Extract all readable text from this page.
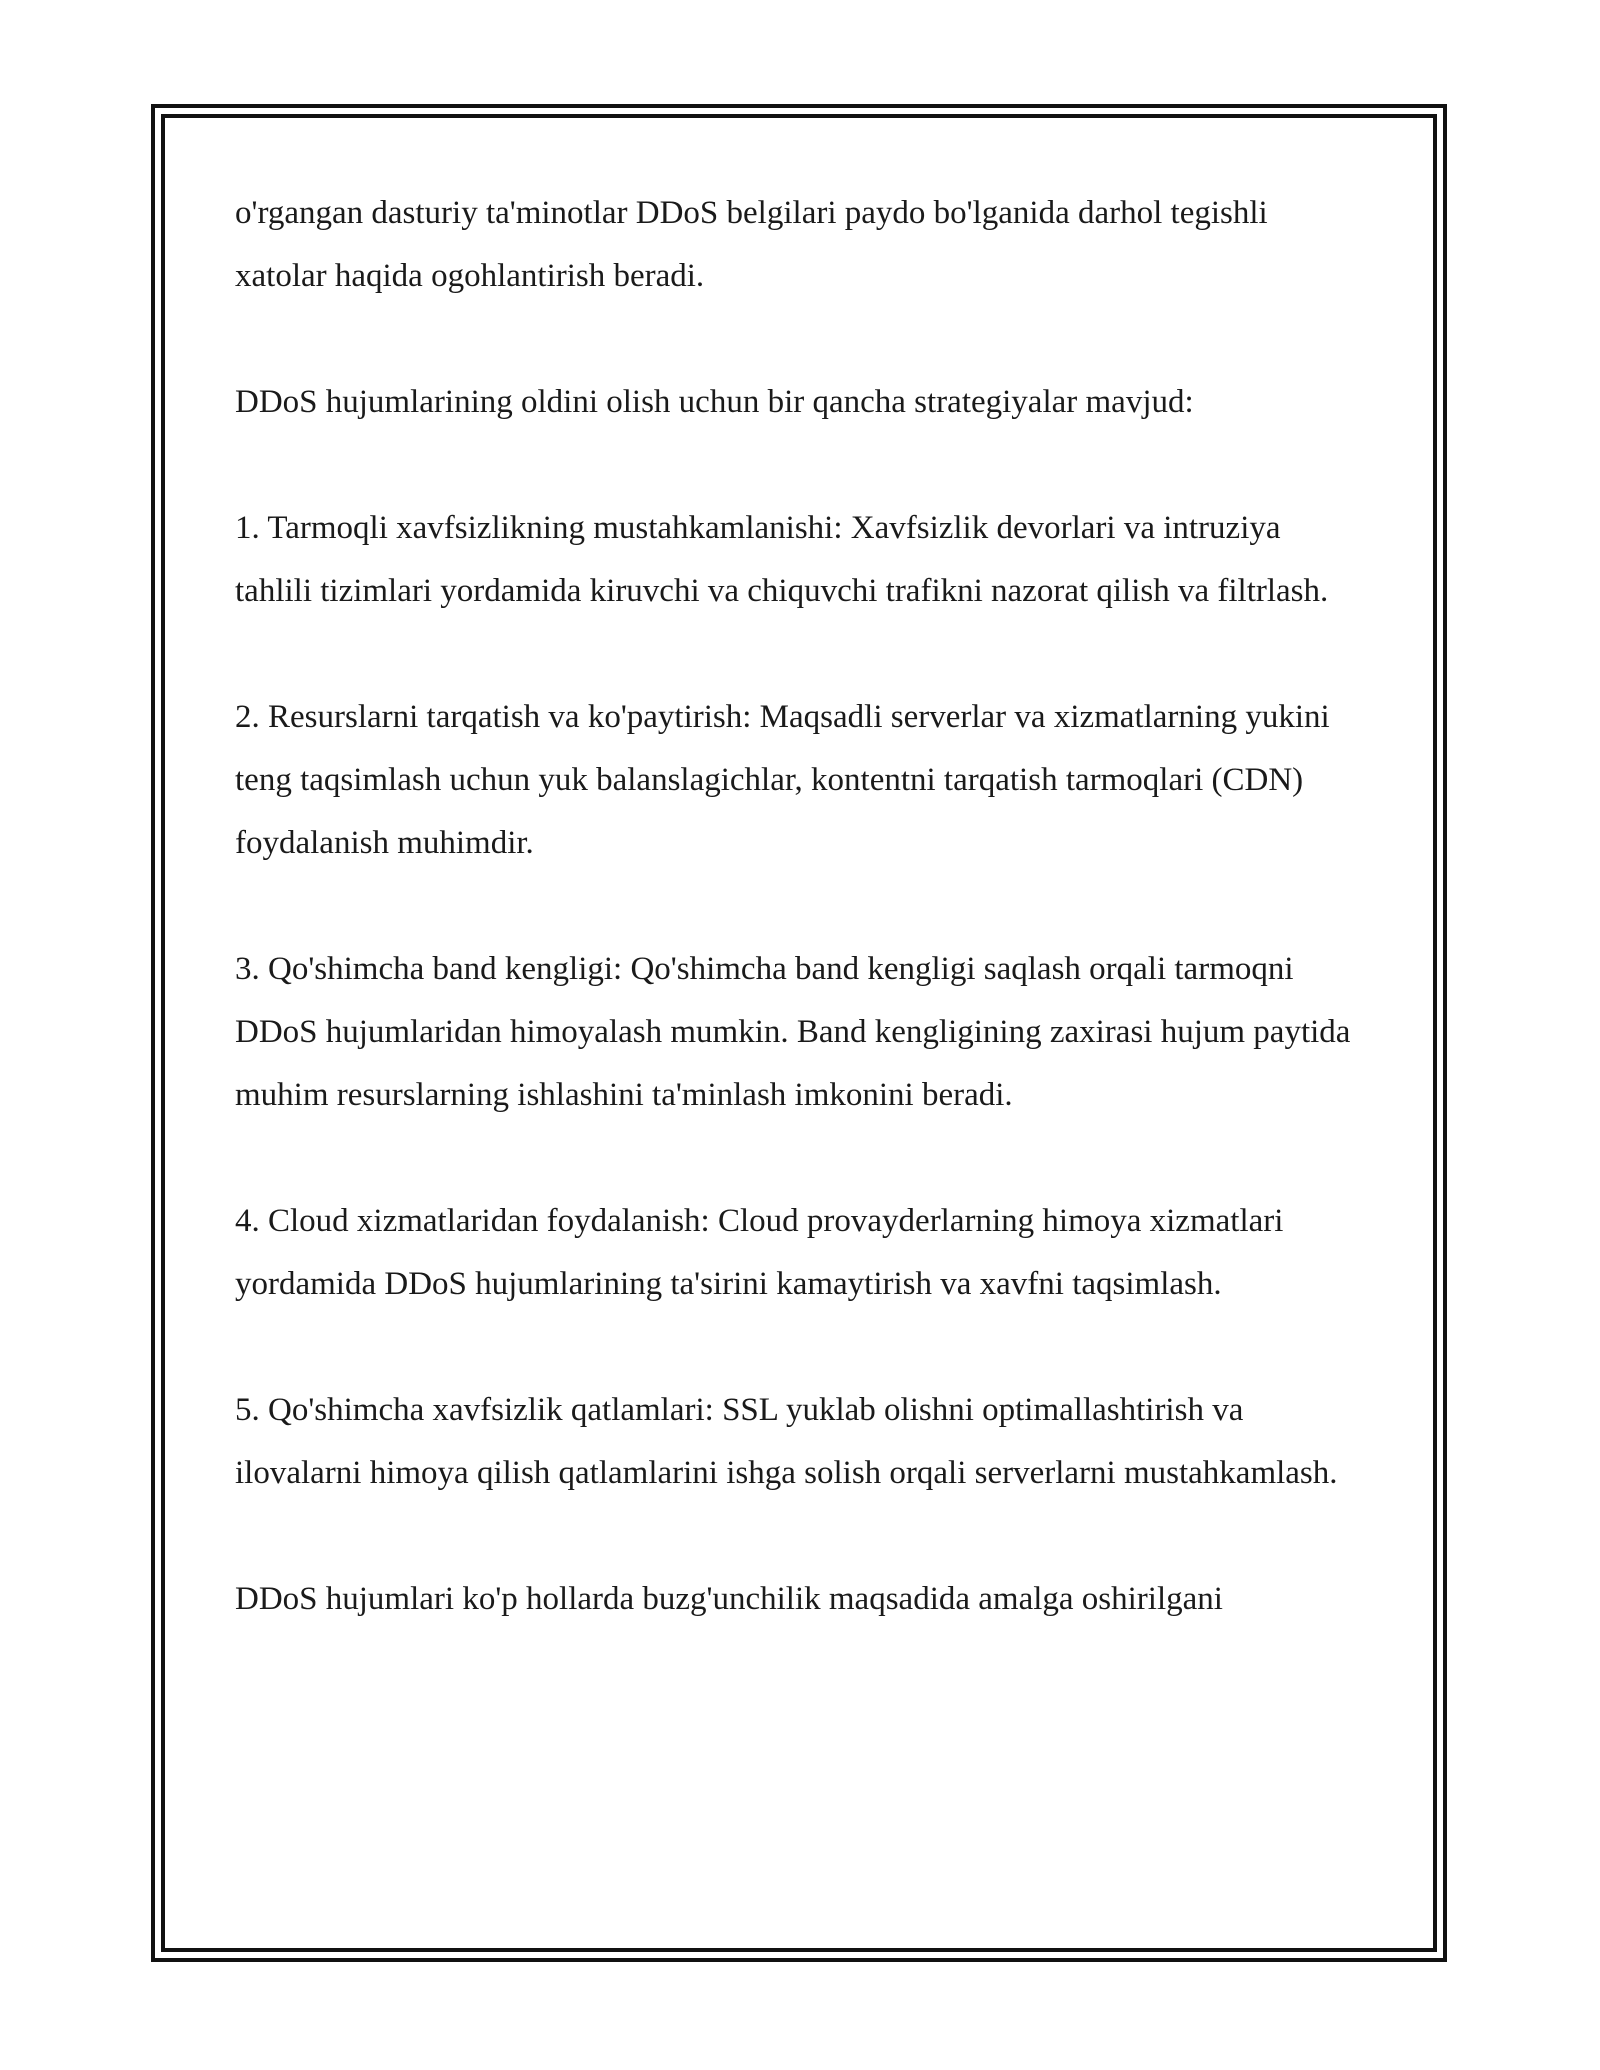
o'rgangan dasturiy ta'minotlar DDoS belgilari paydo bo'lganida darhol tegishli xatolar haqida ogohlantirish beradi.

DDoS hujumlarining oldini olish uchun bir qancha strategiyalar mavjud:

1. Tarmoqli xavfsizlikning mustahkamlanishi: Xavfsizlik devorlari va intruziya tahlili tizimlari yordamida kiruvchi va chiquvchi trafikni nazorat qilish va filtrlash.

2. Resurslarni tarqatish va ko'paytirish: Maqsadli serverlar va xizmatlarning yukini teng taqsimlash uchun yuk balanslagichlar, kontentni tarqatish tarmoqlari (CDN) foydalanish muhimdir.

3. Qo'shimcha band kengligi: Qo'shimcha band kengligi saqlash orqali tarmoqni DDoS hujumlaridan himoyalash mumkin. Band kengligining zaxirasi hujum paytida muhim resurslarning ishlashini ta'minlash imkonini beradi.

4. Cloud xizmatlaridan foydalanish: Cloud provayderlarning himoya xizmatlari yordamida DDoS hujumlarining ta'sirini kamaytirish va xavfni taqsimlash.

5. Qo'shimcha xavfsizlik qatlamlari: SSL yuklab olishni optimallashtirish va ilovalarni himoya qilish qatlamlarini ishga solish orqali serverlarni mustahkamlash.

DDoS hujumlari ko'p hollarda buzg'unchilik maqsadida amalga oshirilgani
